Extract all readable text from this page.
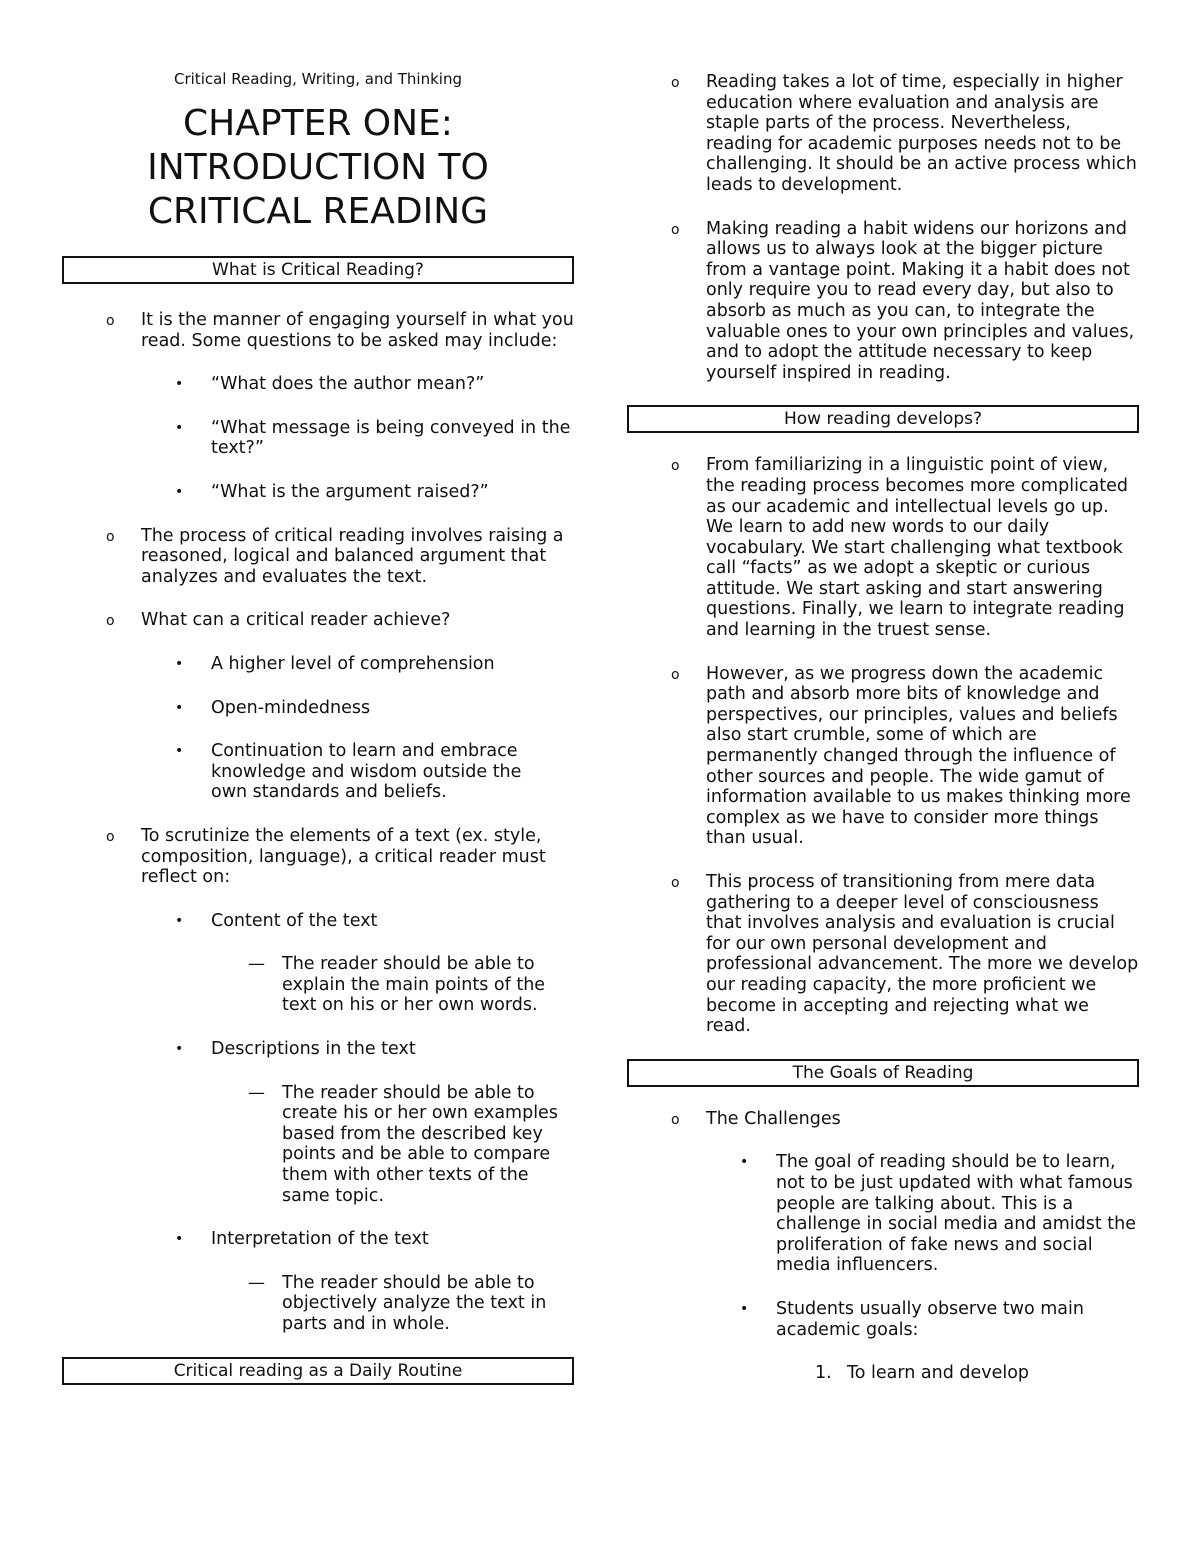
Critical Reading, Writing, and Thinking
CHAPTER ONE:
INTRODUCTION TO
CRITICAL READING
What is Critical Reading?
o It is the manner of engaging yourself in what you read. Some questions to be asked may include:
• “What does the author mean?”
• “What message is being conveyed in the text?”
• “What is the argument raised?”
o The process of critical reading involves raising a reasoned, logical and balanced argument that analyzes and evaluates the text.
o What can a critical reader achieve?
• A higher level of comprehension
• Open-mindedness
• Continuation to learn and embrace knowledge and wisdom outside the own standards and beliefs.
o To scrutinize the elements of a text (ex. style, composition, language), a critical reader must reflect on:
• Content of the text
— The reader should be able to explain the main points of the text on his or her own words.
• Descriptions in the text
— The reader should be able to create his or her own examples based from the described key points and be able to compare them with other texts of the same topic.
• Interpretation of the text
— The reader should be able to objectively analyze the text in parts and in whole.
Critical reading as a Daily Routine
o Reading takes a lot of time, especially in higher education where evaluation and analysis are staple parts of the process. Nevertheless, reading for academic purposes needs not to be challenging. It should be an active process which leads to development.
o Making reading a habit widens our horizons and allows us to always look at the bigger picture from a vantage point. Making it a habit does not only require you to read every day, but also to absorb as much as you can, to integrate the valuable ones to your own principles and values, and to adopt the attitude necessary to keep yourself inspired in reading.
How reading develops?
o From familiarizing in a linguistic point of view, the reading process becomes more complicated as our academic and intellectual levels go up. We learn to add new words to our daily vocabulary. We start challenging what textbook call “facts” as we adopt a skeptic or curious attitude. We start asking and start answering questions. Finally, we learn to integrate reading and learning in the truest sense.
o However, as we progress down the academic path and absorb more bits of knowledge and perspectives, our principles, values and beliefs also start crumble, some of which are permanently changed through the influence of other sources and people. The wide gamut of information available to us makes thinking more complex as we have to consider more things than usual.
o This process of transitioning from mere data gathering to a deeper level of consciousness that involves analysis and evaluation is crucial for our own personal development and professional advancement. The more we develop our reading capacity, the more proficient we become in accepting and rejecting what we read.
The Goals of Reading
o The Challenges
• The goal of reading should be to learn, not to be just updated with what famous people are talking about. This is a challenge in social media and amidst the proliferation of fake news and social media influencers.
• Students usually observe two main academic goals:
1. To learn and develop
